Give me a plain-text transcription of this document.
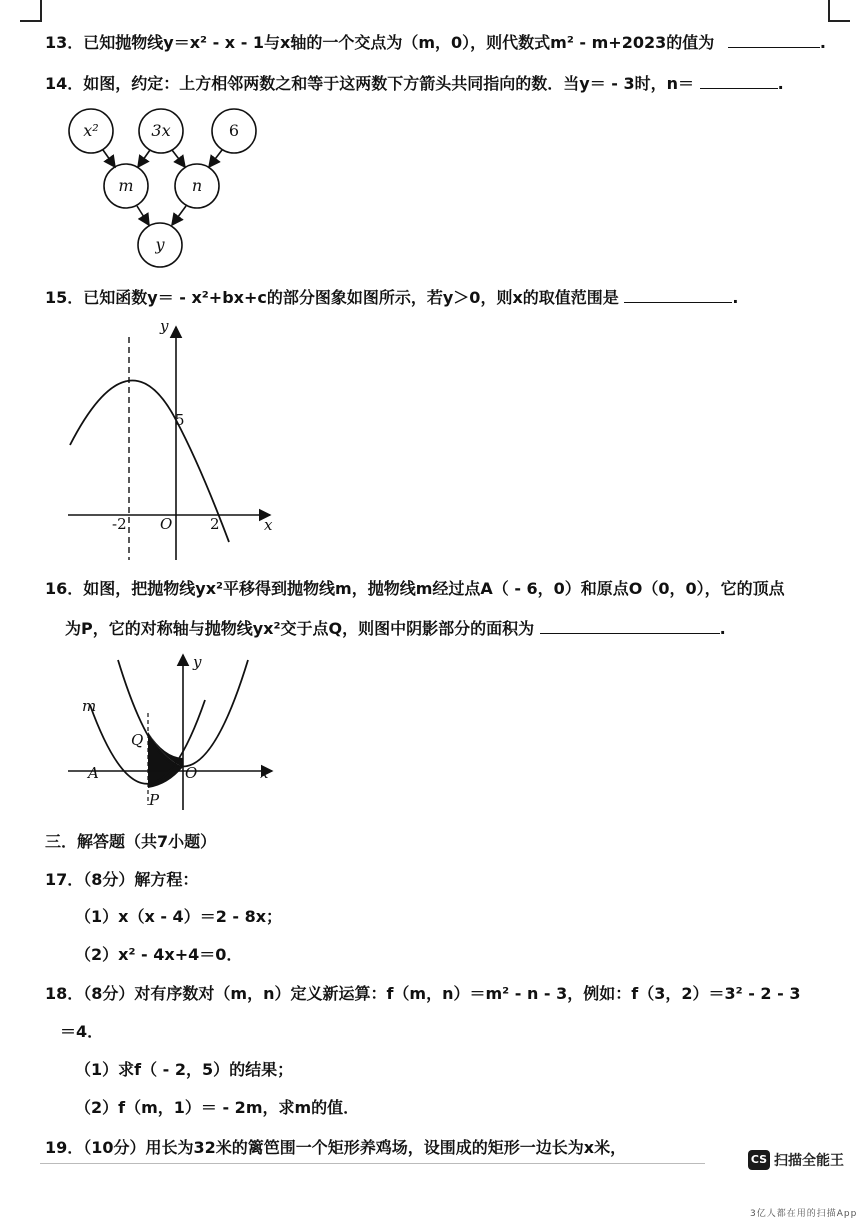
13．已知抛物线y＝x² - x - 1与x轴的一个交点为（m，0），则代数式m² - m+2023的值为	.
14．如图，约定：上方相邻两数之和等于这两数下方箭头共同指向的数．当y＝ - 3时，n＝	.
x²	3x	6
m	n
y
15．已知函数y＝ - x²+bx+c的部分图象如图所示，若y＞0，则x的取值范围是	.
y
x
O
-2	2
5
16．如图，把抛物线yx²平移得到抛物线m，抛物线m经过点A（ - 6，0）和原点O（0，0），它的顶点
为P，它的对称轴与抛物线yx²交于点Q，则图中阴影部分的面积为	.
m
y
x
Q
A	O
P
三．解答题（共7小题）
17．（8分）解方程：
（1）x（x - 4）＝2 - 8x；
（2）x² - 4x+4＝0．
18．（8分）对有序数对（m，n）定义新运算：f（m，n）＝m² - n - 3，例如：f（3，2）＝3² - 2 - 3
＝4．
（1）求f（ - 2，5）的结果；
（2）f（m，1）＝ - 2m，求m的值．
19．（10分）用长为32米的篱笆围一个矩形养鸡场，设围成的矩形一边长为x米，
CS 扫描全能王
3亿人都在用的扫描App
